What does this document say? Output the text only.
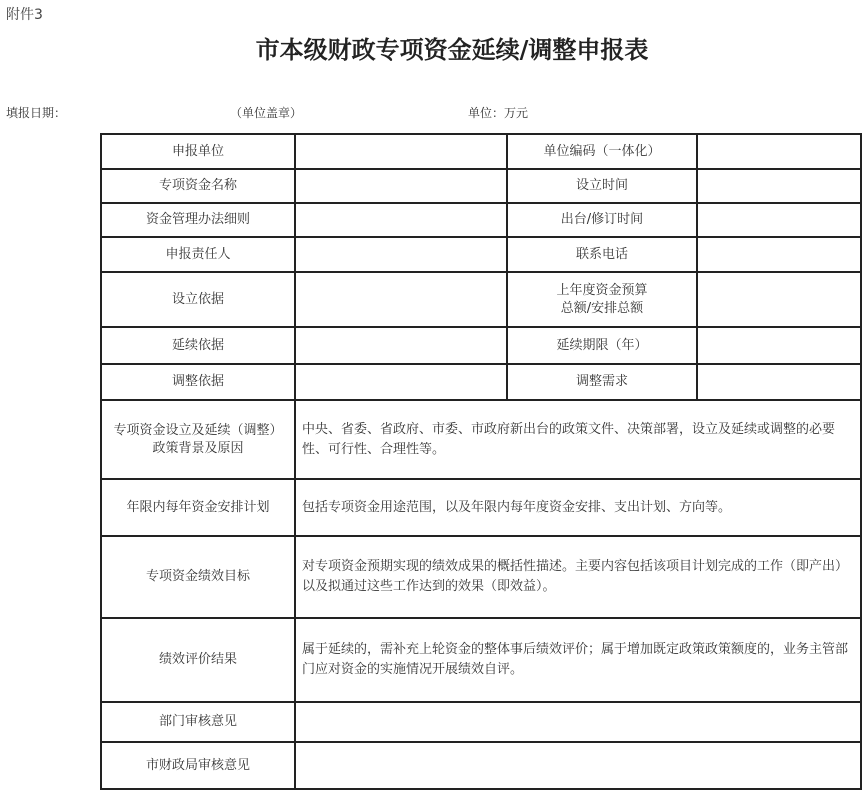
附件3
市本级财政专项资金延续/调整申报表
填报日期：	（单位盖章）	单位：万元
申报单位		单位编码（一体化）	
专项资金名称		设立时间	
资金管理办法细则		出台/修订时间	
申报责任人		联系电话	
设立依据		上年度资金预算
总额/安排总额	

延续依据		延续期限（年）	
调整依据		调整需求	

专项资金设立及延续（调整）
政策背景及原因	中央、省委、省政府、市委、市政府新出台的政策文件、决策部署，设立及延续或调整的必要性、可行性、合理性等。		
年限内每年资金安排计划	包括专项资金用途范围，以及年限内每年度资金安排、支出计划、方向等。		
专项资金绩效目标	对专项资金预期实现的绩效成果的概括性描述。主要内容包括该项目计划完成的工作（即产出）以及拟通过这些工作达到的效果（即效益）。		
绩效评价结果	属于延续的，需补充上轮资金的整体事后绩效评价；属于增加既定政策政策额度的，业务主管部门应对资金的实施情况开展绩效自评。		
部门审核意见			
市财政局审核意见			
